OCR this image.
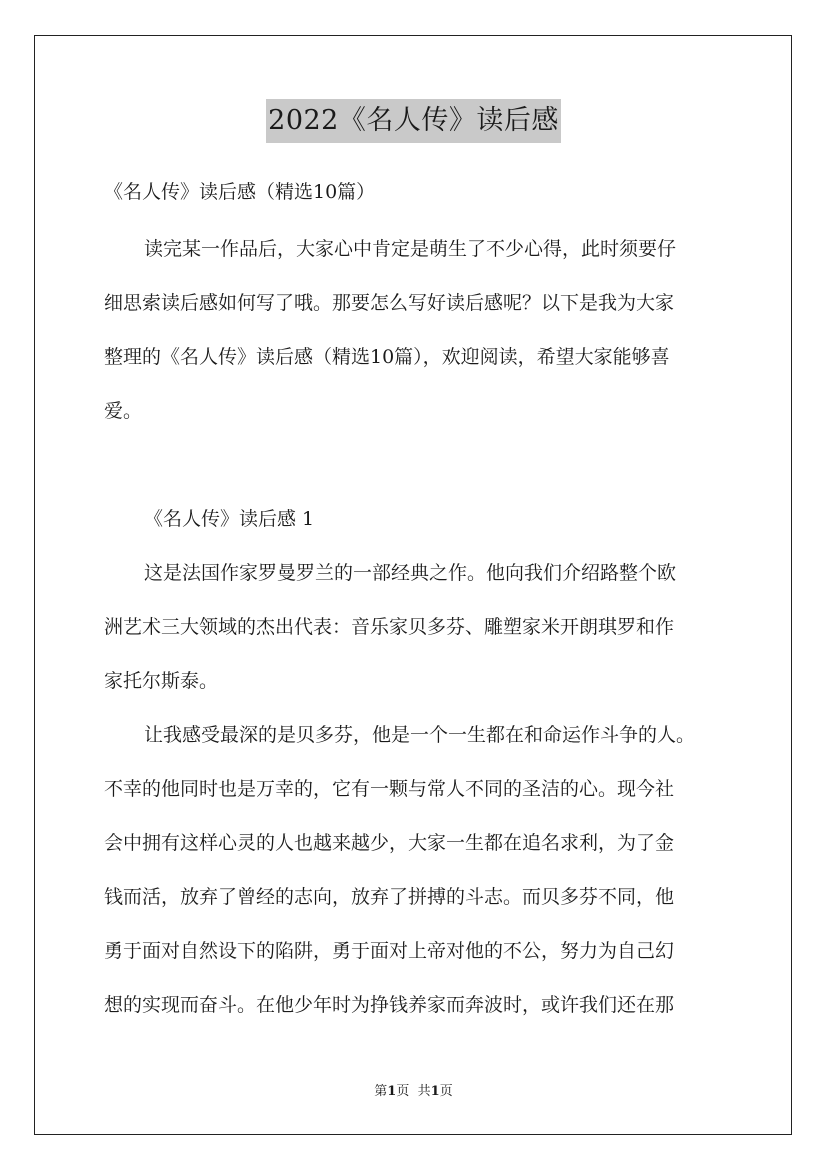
2022《名人传》读后感
《名人传》读后感（精选10篇）
读完某一作品后，大家心中肯定是萌生了不少心得，此时须要仔
细思索读后感如何写了哦。那要怎么写好读后感呢？以下是我为大家
整理的《名人传》读后感（精选10篇），欢迎阅读，希望大家能够喜
爱。
《名人传》读后感 1
这是法国作家罗曼罗兰的一部经典之作。他向我们介绍路整个欧
洲艺术三大领域的杰出代表：音乐家贝多芬、雕塑家米开朗琪罗和作
家托尔斯泰。
让我感受最深的是贝多芬，他是一个一生都在和命运作斗争的人。
不幸的他同时也是万幸的，它有一颗与常人不同的圣洁的心。现今社
会中拥有这样心灵的人也越来越少，大家一生都在追名求利，为了金
钱而活，放弃了曾经的志向，放弃了拼搏的斗志。而贝多芬不同，他
勇于面对自然设下的陷阱，勇于面对上帝对他的不公，努力为自己幻
想的实现而奋斗。在他少年时为挣钱养家而奔波时，或许我们还在那
第1页 共1页
